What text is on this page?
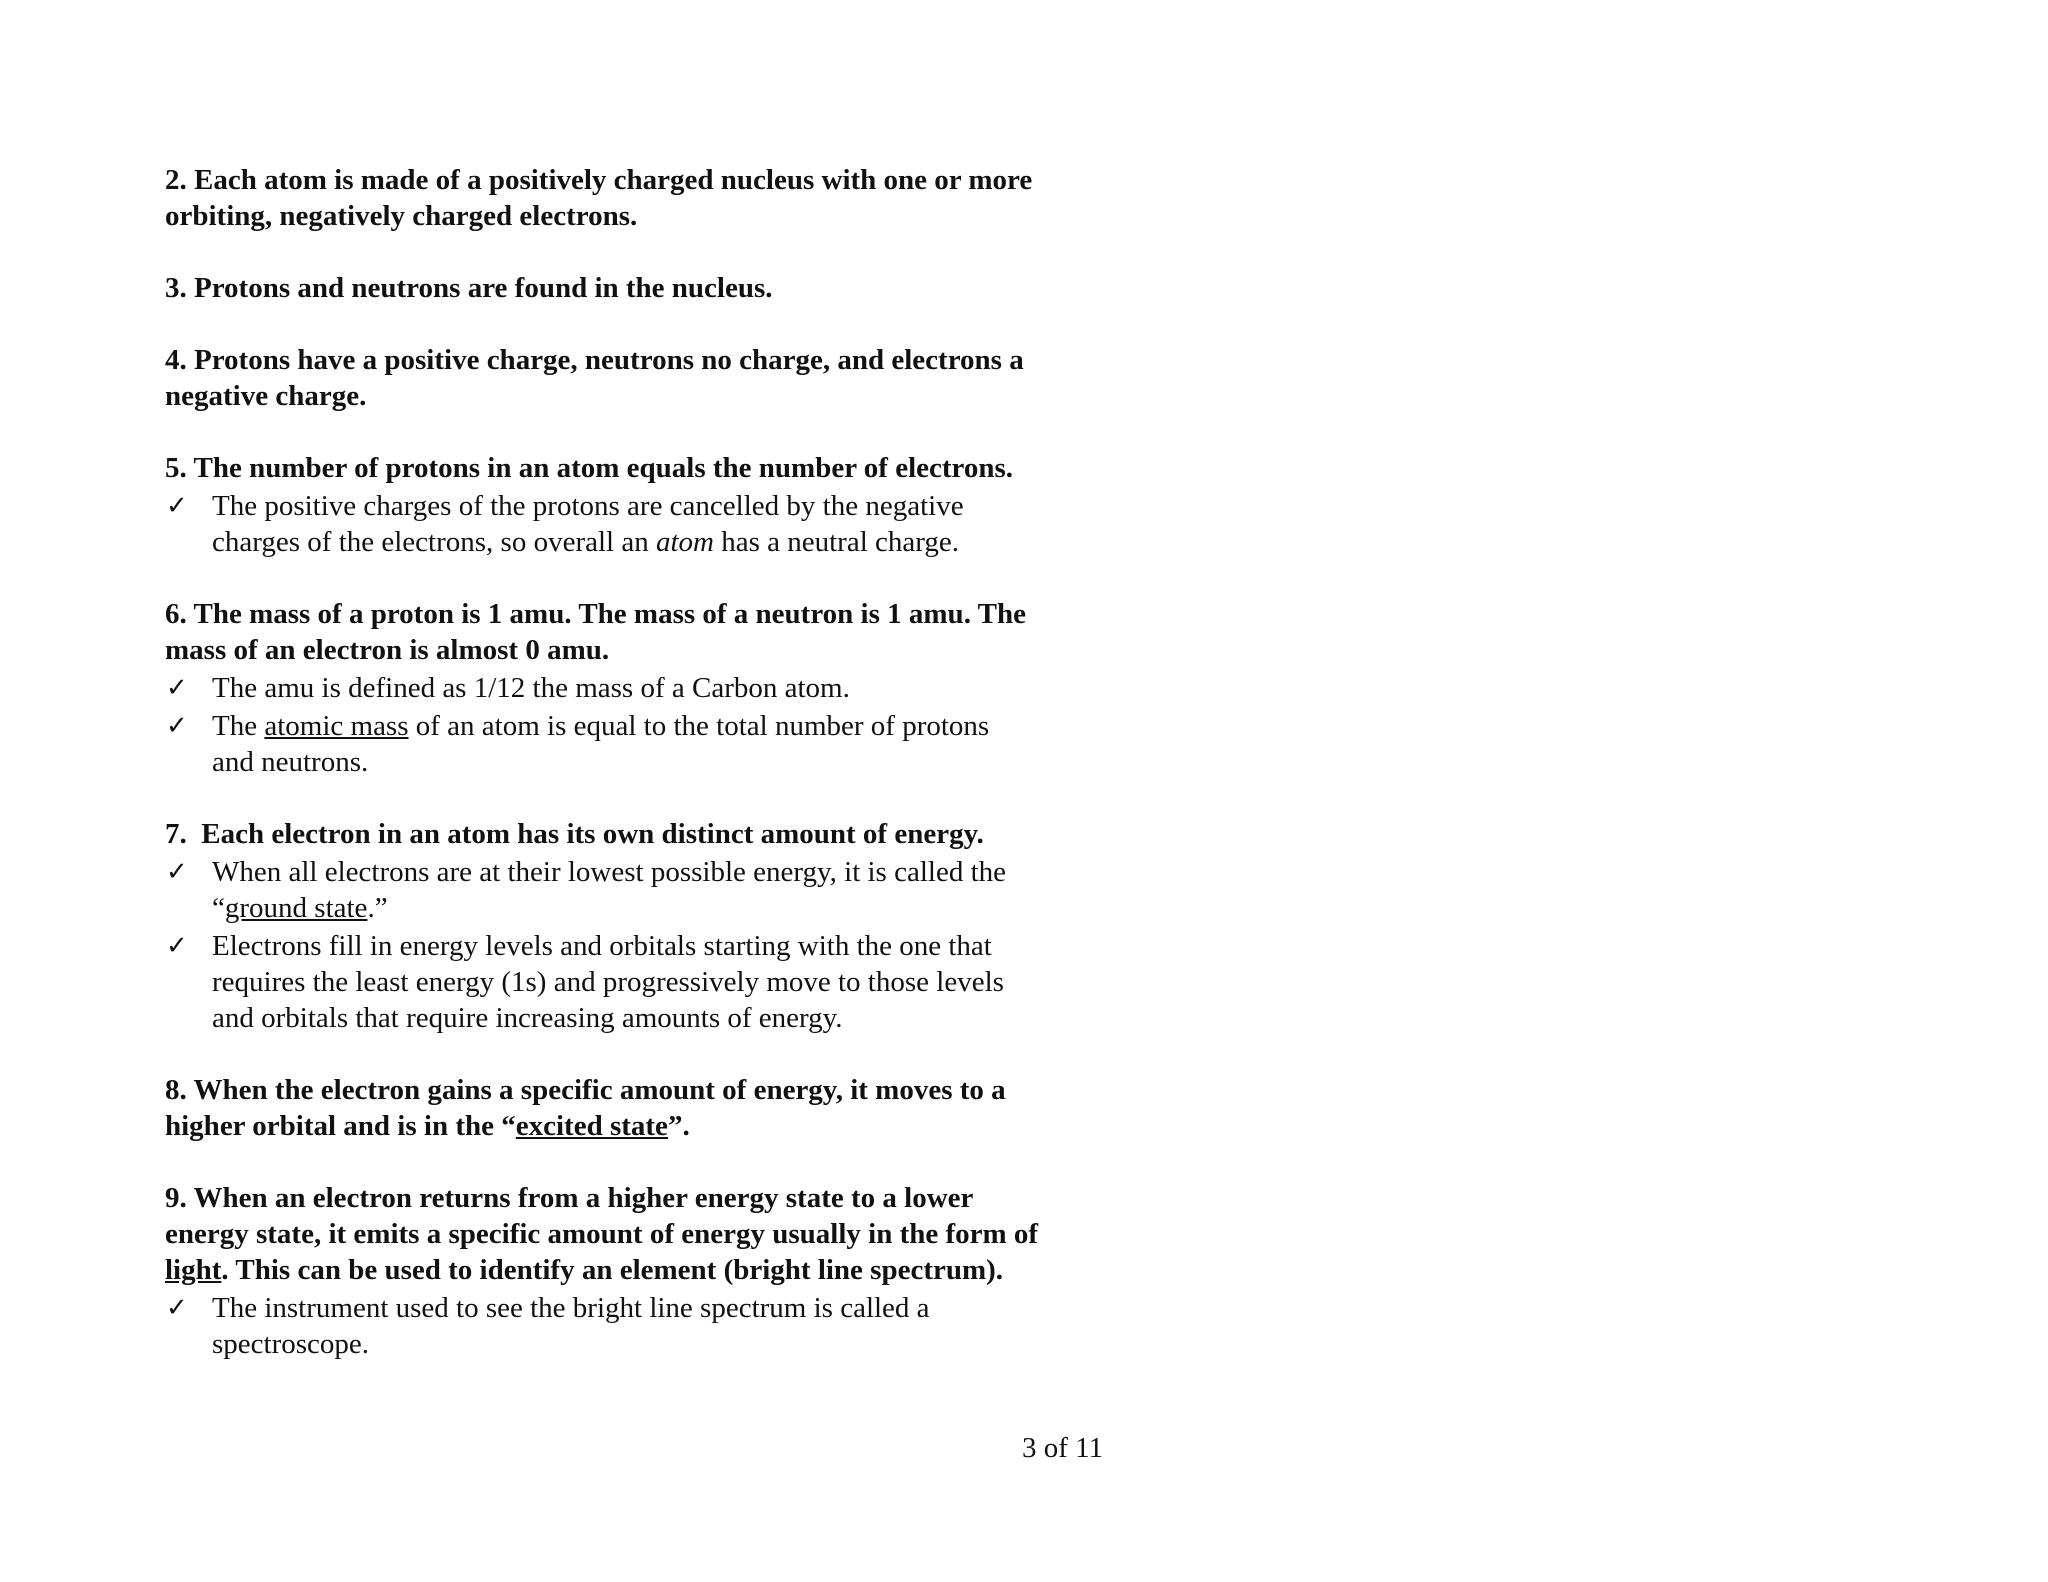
2. Each atom is made of a positively charged nucleus with one or more
orbiting, negatively charged electrons.

3. Protons and neutrons are found in the nucleus.

4. Protons have a positive charge, neutrons no charge, and electrons a
negative charge.

5. The number of protons in an atom equals the number of electrons.

✓ The positive charges of the protons are cancelled by the negative
charges of the electrons, so overall an atom has a neutral charge.

6. The mass of a proton is 1 amu. The mass of a neutron is 1 amu. The
mass of an electron is almost 0 amu.

✓ The amu is defined as 1/12 the mass of a Carbon atom.
✓ The atomic mass of an atom is equal to the total number of protons
and neutrons.

7.  Each electron in an atom has its own distinct amount of energy.

✓ When all electrons are at their lowest possible energy, it is called the
“ground state.”
✓ Electrons fill in energy levels and orbitals starting with the one that
requires the least energy (1s) and progressively move to those levels
and orbitals that require increasing amounts of energy.

8. When the electron gains a specific amount of energy, it moves to a
higher orbital and is in the “excited state”.

9. When an electron returns from a higher energy state to a lower
energy state, it emits a specific amount of energy usually in the form of
light. This can be used to identify an element (bright line spectrum).

✓ The instrument used to see the bright line spectrum is called a
spectroscope.
3 of 11
